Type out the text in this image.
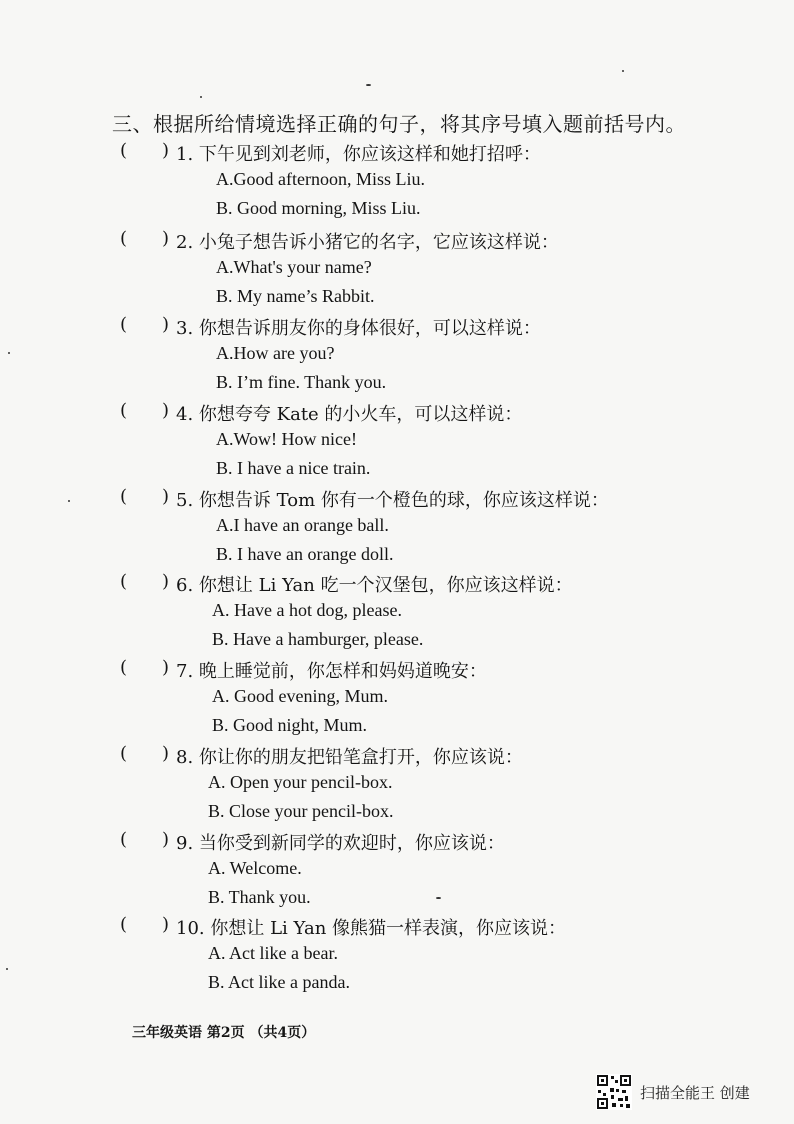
三、根据所给情境选择正确的句子，将其序号填入题前括号内。
( ) 1. 下午见到刘老师，你应该这样和她打招呼：
A.Good afternoon, Miss Liu.
B. Good morning, Miss Liu.
( ) 2. 小兔子想告诉小猪它的名字，它应该这样说：
A.What's your name?
B. My name’s Rabbit.
( ) 3. 你想告诉朋友你的身体很好，可以这样说：
A.How are you?
B. I’m fine. Thank you.
( ) 4. 你想夸夸 Kate 的小火车，可以这样说：
A.Wow! How nice!
B. I have a nice train.
( ) 5. 你想告诉 Tom 你有一个橙色的球，你应该这样说：
A.I have an orange ball.
B. I have an orange doll.
( ) 6. 你想让 Li Yan 吃一个汉堡包，你应该这样说：
A. Have a hot dog, please.
B. Have a hamburger, please.
( ) 7. 晚上睡觉前，你怎样和妈妈道晚安：
A. Good evening, Mum.
B. Good night, Mum.
( ) 8. 你让你的朋友把铅笔盒打开，你应该说：
A. Open your pencil-box.
B. Close your pencil-box.
( ) 9. 当你受到新同学的欢迎时，你应该说：
A. Welcome.
B. Thank you.
( ) 10. 你想让 Li Yan 像熊猫一样表演，你应该说：
A. Act like a bear.
B. Act like a panda.
三年级英语 第2页 （共4页）
扫描全能王 创建
